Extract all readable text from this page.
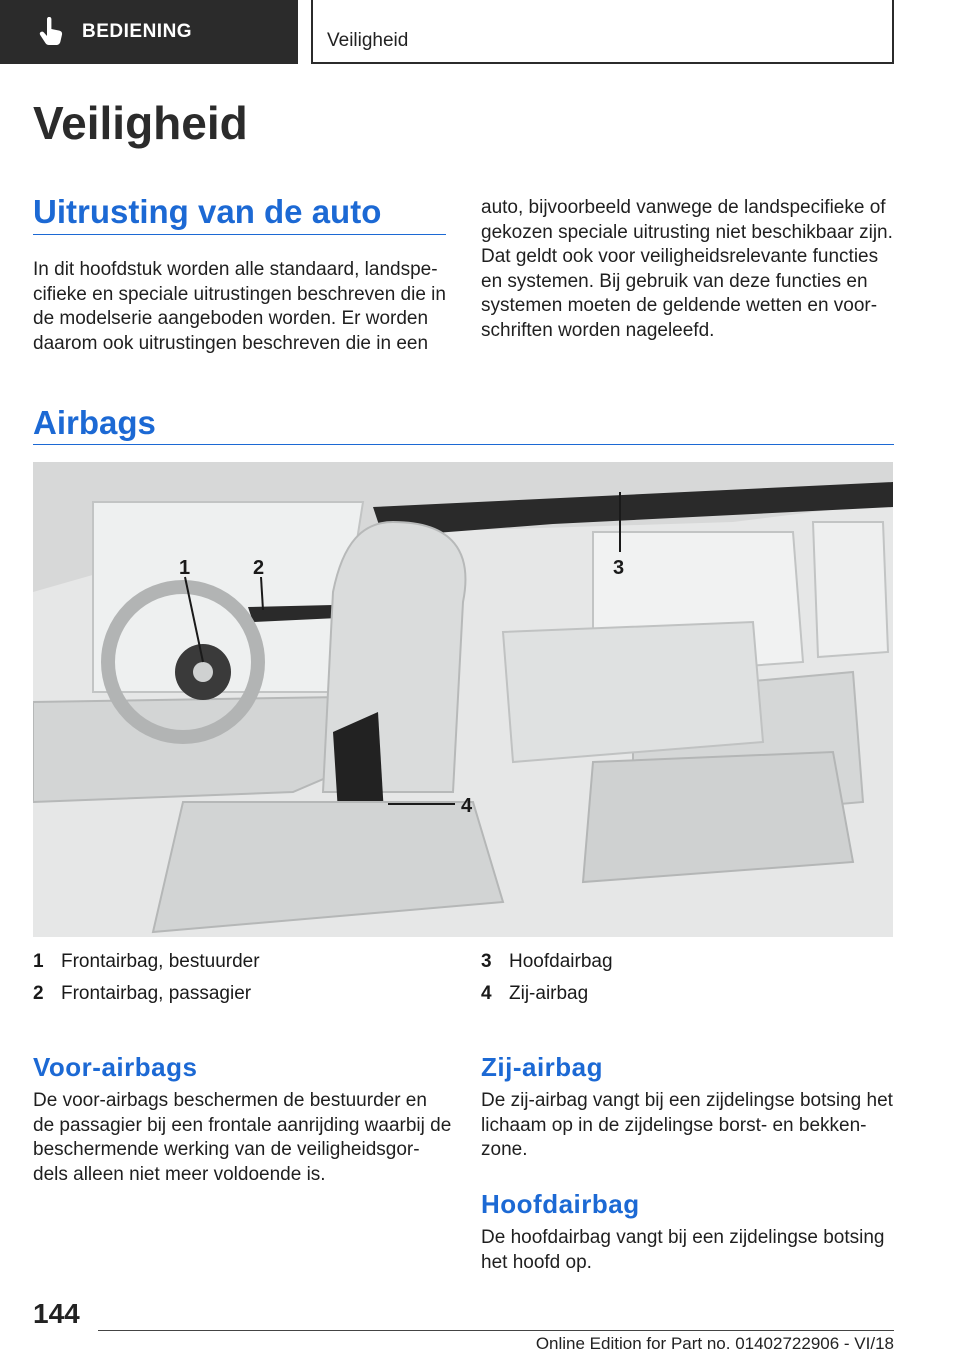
BEDIENING	Veiligheid
Veiligheid
Uitrusting van de auto

In dit hoofdstuk worden alle standaard, landspe-

cifieke en speciale uitrustingen beschreven die in

de modelserie aangeboden worden. Er worden

daarom ook uitrustingen beschreven die in een

auto, bijvoorbeeld vanwege de landspecifieke of

gekozen speciale uitrusting niet beschikbaar zijn.

Dat geldt ook voor veiligheidsrelevante functies

en systemen. Bij gebruik van deze functies en

systemen moeten de geldende wetten en voor-

schriften worden nageleefd.

Airbags
1	2	3
4
1 Frontairbag, bestuurder
2 Frontairbag, passagier
3 Hoofdairbag
4 Zij-airbag
Voor-airbags

De voor-airbags beschermen de bestuurder en

de passagier bij een frontale aanrijding waarbij de

beschermende werking van de veiligheidsgor-

dels alleen niet meer voldoende is.

Zij-airbag

De zij-airbag vangt bij een zijdelingse botsing het

lichaam op in de zijdelingse borst- en bekken-

zone.

Hoofdairbag

De hoofdairbag vangt bij een zijdelingse botsing

het hoofd op.

144
Online Edition for Part no. 01402722906 - VI/18
